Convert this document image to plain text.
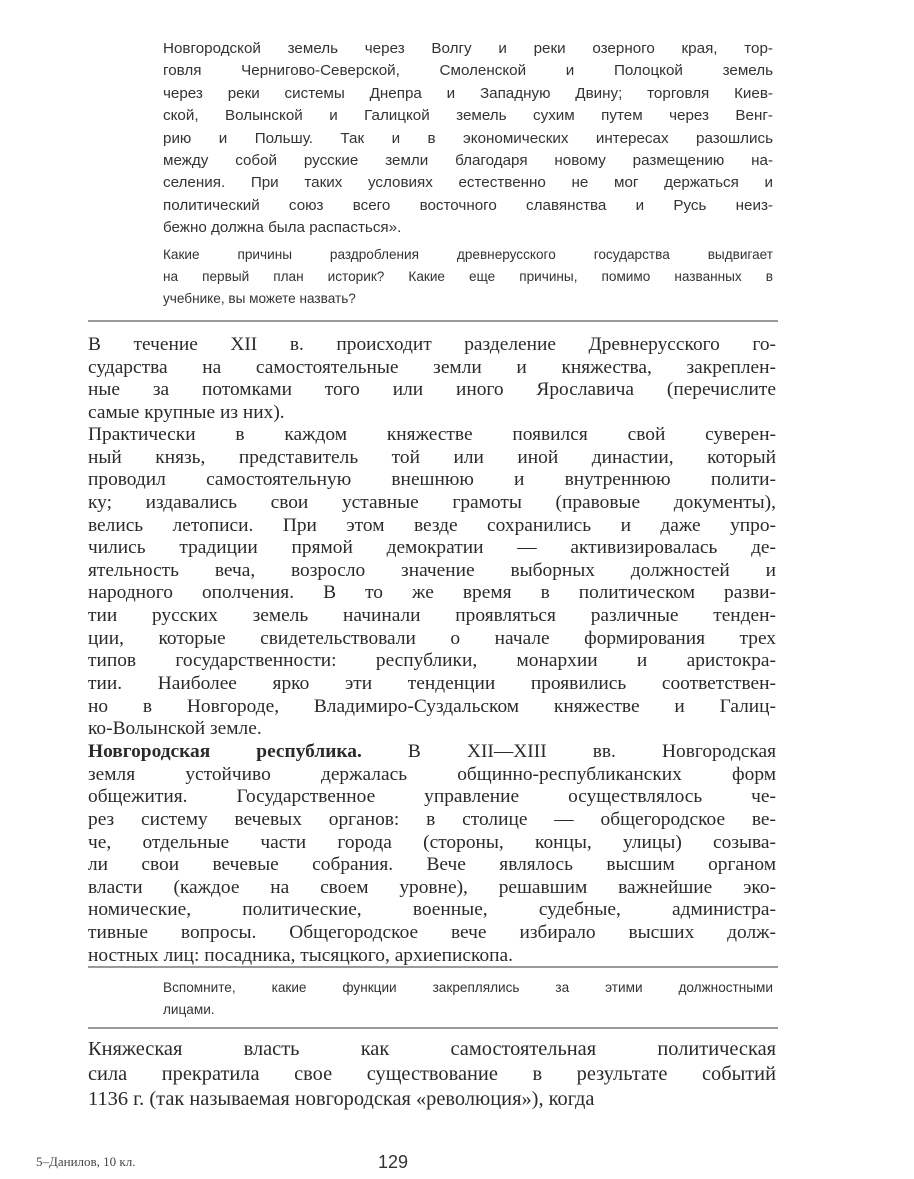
Новгородской земель через Волгу и реки озерного края, тор-
говля Чернигово-Северской, Смоленской и Полоцкой земель
через реки системы Днепра и Западную Двину; торговля Киев-
ской, Волынской и Галицкой земель сухим путем через Венг-
рию и Польшу. Так и в экономических интересах разошлись
между собой русские земли благодаря новому размещению на-
селения. При таких условиях естественно не мог держаться и
политический союз всего восточного славянства и Русь неиз-
бежно должна была распасться».
Какие причины раздробления древнерусского государства выдвигает
на первый план историк? Какие еще причины, помимо названных в
учебнике, вы можете назвать?
В течение XII в. происходит разделение Древнерусского го-
сударства на самостоятельные земли и княжества, закреплен-
ные за потомками того или иного Ярославича (перечислите
самые крупные из них).
Практически в каждом княжестве появился свой суверен-
ный князь, представитель той или иной династии, который
проводил самостоятельную внешнюю и внутреннюю полити-
ку; издавались свои уставные грамоты (правовые документы),
велись летописи. При этом везде сохранились и даже упро-
чились традиции прямой демократии — активизировалась де-
ятельность веча, возросло значение выборных должностей и
народного ополчения. В то же время в политическом разви-
тии русских земель начинали проявляться различные тенден-
ции, которые свидетельствовали о начале формирования трех
типов государственности: республики, монархии и аристокра-
тии. Наиболее ярко эти тенденции проявились соответствен-
но в Новгороде, Владимиро-Суздальском княжестве и Галиц-
ко-Волынской земле.
Новгородская республика. В XII—XIII вв. Новгородская
земля устойчиво держалась общинно-республиканских форм
общежития. Государственное управление осуществлялось че-
рез систему вечевых органов: в столице — общегородское ве-
че, отдельные части города (стороны, концы, улицы) созыва-
ли свои вечевые собрания. Вече являлось высшим органом
власти (каждое на своем уровне), решавшим важнейшие эко-
номические, политические, военные, судебные, администра-
тивные вопросы. Общегородское вече избирало высших долж-
ностных лиц: посадника, тысяцкого, архиепископа.
Вспомните, какие функции закреплялись за этими должностными
лицами.
Княжеская власть как самостоятельная политическая
сила прекратила свое существование в результате событий
1136 г. (так называемая новгородская «революция»), когда
5–Данилов, 10 кл.	129
